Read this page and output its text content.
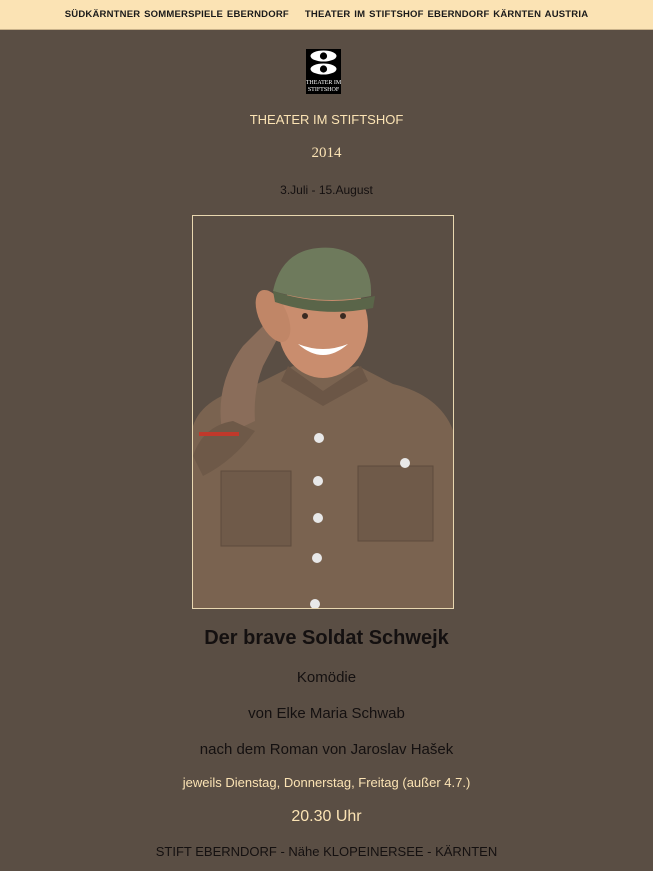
SÜDKÄRNTNER SOMMERSPIELE EBERNDORF THEATER IM STIFTSHOF EBERNDORF KÄRNTEN AUSTRIA
THEATER IM
STIFTSHOF
THEATER IM STIFTSHOF
2014
3.Juli - 15.August
Der brave Soldat Schwejk
Komödie
von Elke Maria Schwab
nach dem Roman von Jaroslav Hašek
jeweils Dienstag, Donnerstag, Freitag (außer 4.7.)
20.30 Uhr
STIFT EBERNDORF - Nähe KLOPEINERSEE - KÄRNTEN
